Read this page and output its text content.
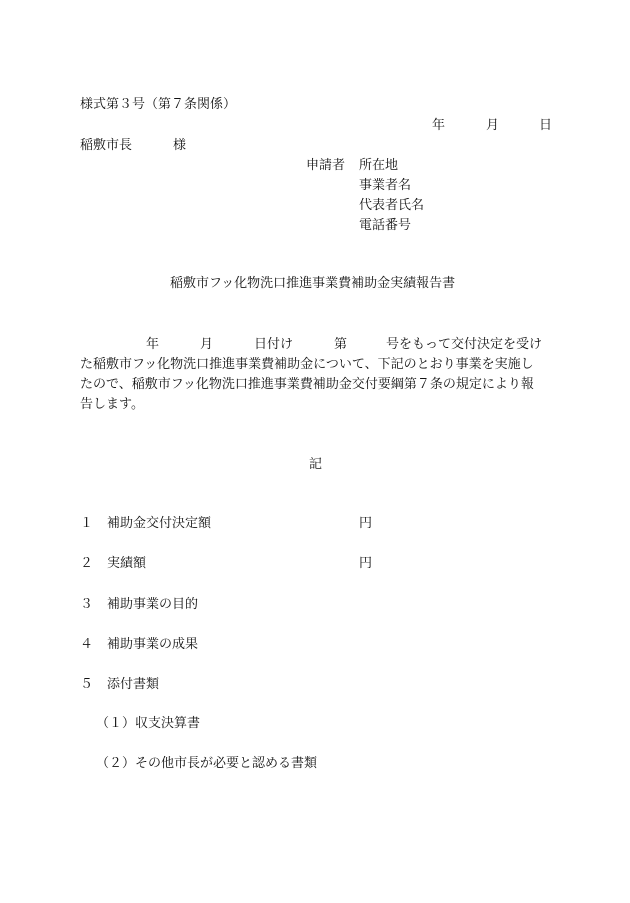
様式第３号（第７条関係）
年	月	日
稲敷市長	様
申請者 所在地
事業者名
代表者氏名
電話番号
稲敷市フッ化物洗口推進事業費補助金実績報告書
年	月	日付け	第	号をもって交付決定を受け
た稲敷市フッ化物洗口推進事業費補助金について、下記のとおり事業を実施し
たので、稲敷市フッ化物洗口推進事業費補助金交付要綱第７条の規定により報
告します。
記
１ 補助金交付決定額	円
２ 実績額	円
３ 補助事業の目的
４ 補助事業の成果
５ 添付書類
（１）収支決算書
（２）その他市長が必要と認める書類
